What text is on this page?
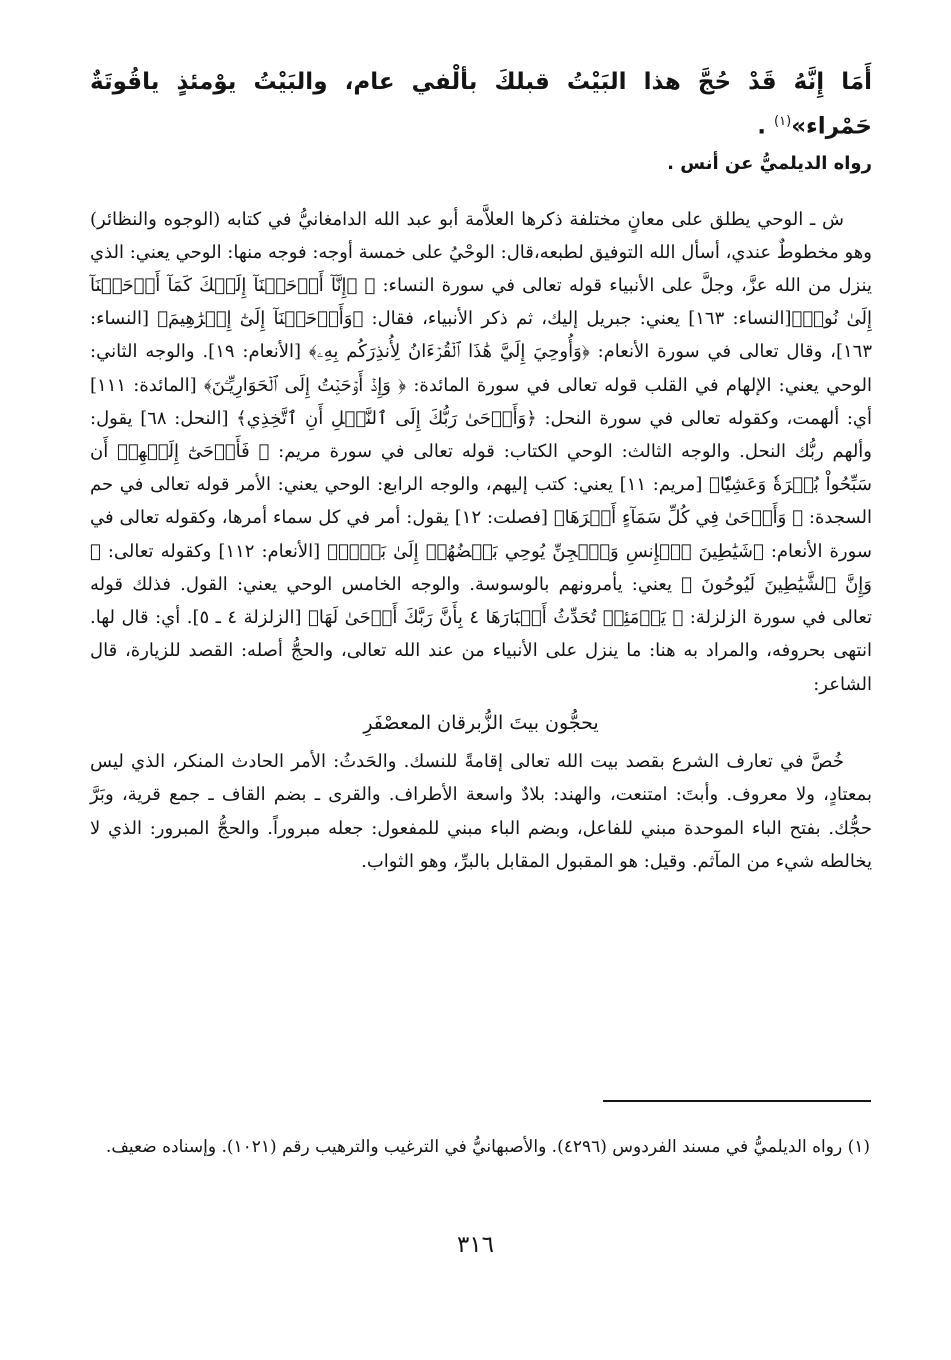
أَمَا إِنَّهُ قَدْ حُجَّ هذا البَيْتُ قبلكَ بألْفي عام، والبَيْتُ يوْمئذٍ ياقُوتَةٌ حَمْراء»$^{(١)}$ .

رواه الديلميُّ عن أنس .

ش ـ الوحي يطلق على معانٍ مختلفة ذكرها العلاَّمة أبو عبد الله الدامغانيُّ في كتابه (الوجوه والنظائر) وهو مخطوطٌ عندي، أسأل الله التوفيق لطبعه،قال: الوحْيُ على خمسة أوجه: فوجه منها: الوحي يعني: الذي ينزل من الله عزَّ، وجلَّ على الأنبياء قوله تعالى في سورة النساء: ﴿ ۞إِنَّآ أَوۡحَيۡنَآ إِلَيۡكَ كَمَآ أَوۡحَيۡنَآ إِلَىٰ نُوحٖ﴾[النساء: ١٦٣] يعني: جبريل إليك، ثم ذكر الأنبياء، فقال: ﴿وَأَوۡحَيۡنَآ إِلَىٰٓ إِبۡرَٰهِيمَ﴾ [النساء: ١٦٣]، وقال تعالى في سورة الأنعام: ﴿وَأُوحِيَ إِلَيَّ هَٰذَا ٱلۡقُرۡءَانُ لِأُنذِرَكُم بِهِۦ﴾ [الأنعام: ١٩]. والوجه الثاني: الوحي يعني: الإلهام في القلب قوله تعالى في سورة المائدة: ﴿ وَإِذۡ أَوۡحَيۡتُ إِلَى ٱلۡحَوَارِيِّـۧنَ﴾ [المائدة: ١١١] أي: ألهمت، وكقوله تعالى في سورة النحل: ﴿وَأَوۡحَىٰ رَبُّكَ إِلَى ٱلنَّحۡلِ أَنِ ٱتَّخِذِي﴾ [النحل: ٦٨] يقول: وألهم ربُّك النحل. والوجه الثالث: الوحي الكتاب: قوله تعالى في سورة مريم: ﴿ فَأَوۡحَىٰٓ إِلَيۡهِمۡ أَن سَبِّحُواْ بُكۡرَةٗ وَعَشِيّٗا﴾ [مريم: ١١] يعني: كتب إليهم، والوجه الرابع: الوحي يعني: الأمر قوله تعالى في حم السجدة: ﴿ وَأَوۡحَىٰ فِي كُلِّ سَمَآءٍ أَمۡرَهَا﴾ [فصلت: ١٢] يقول: أمر في كل سماء أمرها، وكقوله تعالى في سورة الأنعام: ﴿شَيَٰطِينَ ٱلۡإِنسِ وَٱلۡجِنِّ يُوحِي بَعۡضُهُمۡ إِلَىٰ بَعۡضٖ﴾ [الأنعام: ١١٢] وكقوله تعالى: ﴿ وَإِنَّ ٱلشَّيَٰطِينَ لَيُوحُونَ ﴾ يعني: يأمرونهم بالوسوسة. والوجه الخامس الوحي يعني: القول. فذلك قوله تعالى في سورة الزلزلة: ﴿ يَوۡمَئِذٖ تُحَدِّثُ أَخۡبَارَهَا ٤ بِأَنَّ رَبَّكَ أَوۡحَىٰ لَهَا﴾ [الزلزلة ٤ ـ ٥]. أي: قال لها. انتهى بحروفه، والمراد به هنا: ما ينزل على الأنبياء من عند الله تعالى، والحجُّ أصله: القصد للزيارة، قال الشاعر:

يحجُّون بيتَ الزُّبرقان المعصْفَرِ

خُصَّ في تعارف الشرع بقصد بيت الله تعالى إقامةً للنسك. والحَدثُ: الأمر الحادث المنكر، الذي ليس بمعتادٍ، ولا معروف. وأبتَ: امتنعت، والهند: بلادٌ واسعة الأطراف. والقرى ـ بضم القاف ـ جمع قرية، وبَرَّ حجُّك. بفتح الباء الموحدة مبني للفاعل، وبضم الباء مبني للمفعول: جعله مبروراً. والحجُّ المبرور: الذي لا يخالطه شيء من المآثم. وقيل: هو المقبول المقابل بالبرِّ، وهو الثواب.

(١) رواه الديلميُّ في مسند الفردوس (٤٢٩٦). والأصبهانيُّ في الترغيب والترهيب رقم (١٠٢١). وإسناده ضعيف.

٣١٦
